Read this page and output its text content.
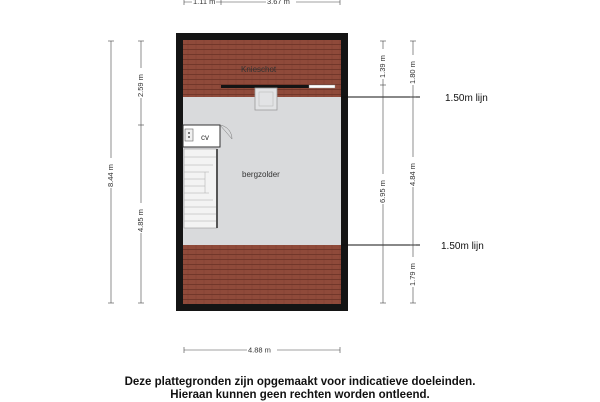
cv
bergzolder
Knieschot
1.50m lijn
1.50m lijn
1.11 m	3.67 m
4.88 m
8.44 m
2.59 m
4.85 m
1.39 m
6.95 m
1.80 m
4.84 m
1.79 m
Deze plattegronden zijn opgemaakt voor indicatieve doeleinden.
Hieraan kunnen geen rechten worden ontleend.
